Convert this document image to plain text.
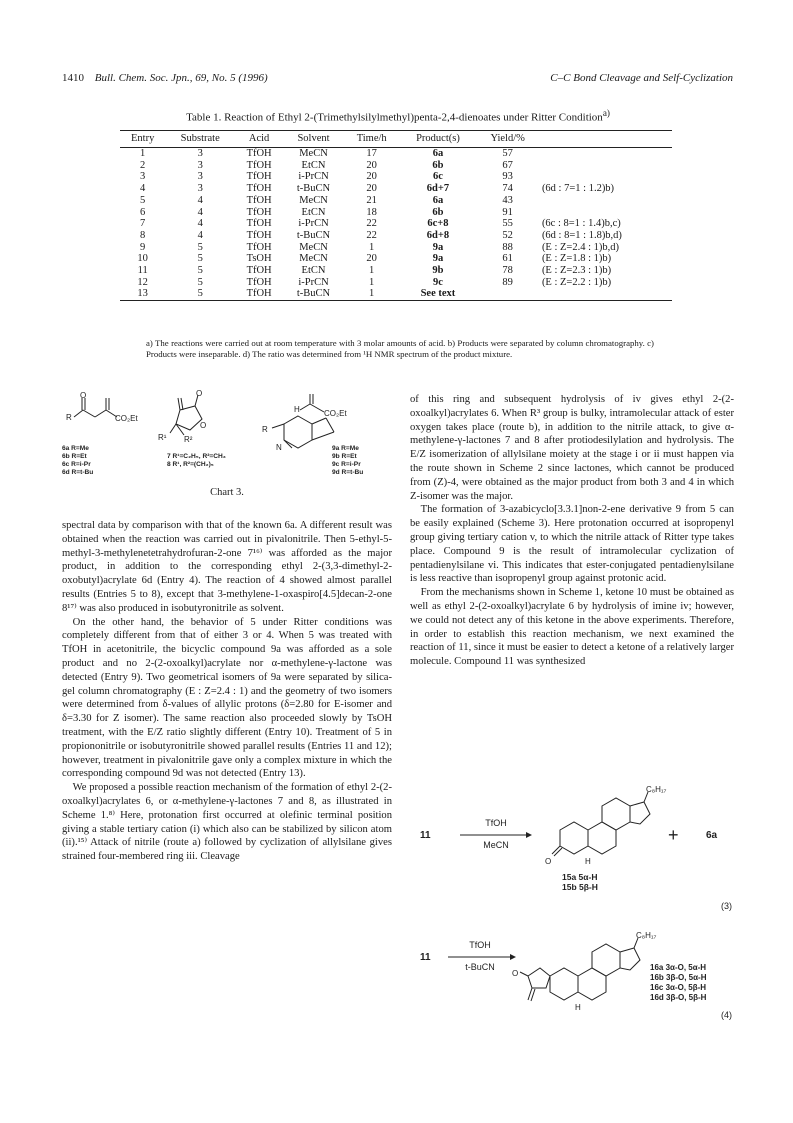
1410 Bull. Chem. Soc. Jpn., 69, No. 5 (1996)	C–C Bond Cleavage and Self-Cyclization
Table 1. Reaction of Ethyl 2-(Trimethylsilylmethyl)penta-2,4-dienoates under Ritter Condition$^{a)}$
Entry	Substrate	Acid	Solvent	Time/h	Product(s)	Yield/%	
1	3	TfOH	MeCN	17	6a	57	
2	3	TfOH	EtCN	20	6b	67	
3	3	TfOH	i-PrCN	20	6c	93	
4	3	TfOH	t-BuCN	20	6d+7	74	(6d : 7=1 : 1.2)b)
5	4	TfOH	MeCN	21	6a	43	
6	4	TfOH	EtCN	18	6b	91	
7	4	TfOH	i-PrCN	22	6c+8	55	(6c : 8=1 : 1.4)b,c)
8	4	TfOH	t-BuCN	22	6d+8	52	(6d : 8=1 : 1.8)b,d)
9	5	TfOH	MeCN	1	9a	88	(E : Z=2.4 : 1)b,d)
10	5	TsOH	MeCN	20	9a	61	(E : Z=1.8 : 1)b)
11	5	TfOH	EtCN	1	9b	78	(E : Z=2.3 : 1)b)
12	5	TfOH	i-PrCN	1	9c	89	(E : Z=2.2 : 1)b)
13	5	TfOH	t-BuCN	1	See text		
a) The reactions were carried out at room temperature with 3 molar amounts of acid. b) Products were separated by column chromatography. c) Products were inseparable. d) The ratio was determined from ¹H NMR spectrum of the product mixture.
O
R	CO₂Et
O
O
R¹ R²
H	CO₂Et
R
N
6a R=Me
6b R=Et
6c R=i-Pr
6d R=t-Bu
7 R¹=C₂H₅, R²=CH₃
8 R¹, R²=(CH₂)₅
9a R=Me
9b R=Et
9c R=i-Pr
9d R=t-Bu
Chart 3.

spectral data by comparison with that of the known 6a. A different result was obtained when the reaction was carried out in pivalonitrile. Then 5-ethyl-5-methyl-3-methylenetetrahydrofuran-2-one 7¹⁶⁾ was afforded as the major product, in addition to the corresponding ethyl 2-(3,3-dimethyl-2-oxobutyl)acrylate 6d (Entry 4). The reaction of 4 showed almost parallel results (Entries 5 to 8), except that 3-methylene-1-oxaspiro[4.5]decan-2-one 8¹⁷⁾ was also produced in isobutyronitrile as solvent.

On the other hand, the behavior of 5 under Ritter conditions was completely different from that of either 3 or 4. When 5 was treated with TfOH in acetonitrile, the bicyclic compound 9a was afforded as a sole product and no 2-(2-oxoalkyl)acrylate nor α-methylene-γ-lactone was detected (Entry 9). Two geometrical isomers of 9a were separated by silica-gel column chromatography (E : Z=2.4 : 1) and the geometry of two isomers were determined from δ-values of allylic protons (δ=2.80 for E-isomer and δ=3.30 for Z isomer). The same reaction also proceeded slowly by TsOH treatment, with the E/Z ratio slightly different (Entry 10). Treatment of 5 in propiononitrile or isobutyronitrile showed parallel results (Entries 11 and 12); however, treatment in pivalonitrile gave only a complex mixture in which the corresponding compound 9d was not detected (Entry 13).

We proposed a possible reaction mechanism of the formation of ethyl 2-(2-oxoalkyl)acrylates 6, or α-methylene-γ-lactones 7 and 8, as illustrated in Scheme 1.⁸⁾ Here, protonation first occurred at olefinic terminal position giving a stable tertiary cation (i) which also can be stabilized by silicon atom (ii).¹⁵⁾ Attack of nitrile (route a) followed by cyclization of allylsilane gives strained four-membered ring iii. Cleavage

of this ring and subsequent hydrolysis of iv gives ethyl 2-(2-oxoalkyl)acrylates 6. When R³ group is bulky, intramolecular attack of ester oxygen takes place (route b), in addition to the nitrile attack, to give α-methylene-γ-lactones 7 and 8 after protiodesilylation and hydrolysis. The E/Z isomerization of allylsilane moiety at the stage i or ii must happen via the route shown in Scheme 2 since lactones, which cannot be produced from (Z)-4, were obtained as the major product from both 3 and 4 in which Z-isomer was the major.

The formation of 3-azabicyclo[3.3.1]non-2-ene derivative 9 from 5 can be easily explained (Scheme 3). Here protonation occurred at isopropenyl group giving tertiary cation v, to which the nitrile attack of Ritter type takes place. Compound 9 is the result of intramolecular cyclization of pentadienylsilane vi. This indicates that ester-conjugated pentadienylsilane is less reactive than isopropenyl group against protonic acid.

From the mechanisms shown in Scheme 1, ketone 10 must be obtained as well as ethyl 2-(2-oxoalkyl)acrylate 6 by hydrolysis of imine iv; however, we could not detect any of this ketone in the above experiments. Therefore, in order to establish this reaction mechanism, we next examined the reaction of 11, since it must be easier to detect a ketone of a relatively larger molecule. Compound 11 was synthesized

11
TfOH
MeCN
C₈H₁₇
O	H
+	6a
15a 5α-H
15b 5β-H
(3)
11
TfOH
t-BuCN
C₈H₁₇
O
H
16a 3α-O, 5α-H
16b 3β-O, 5α-H
16c 3α-O, 5β-H
16d 3β-O, 5β-H
(4)
